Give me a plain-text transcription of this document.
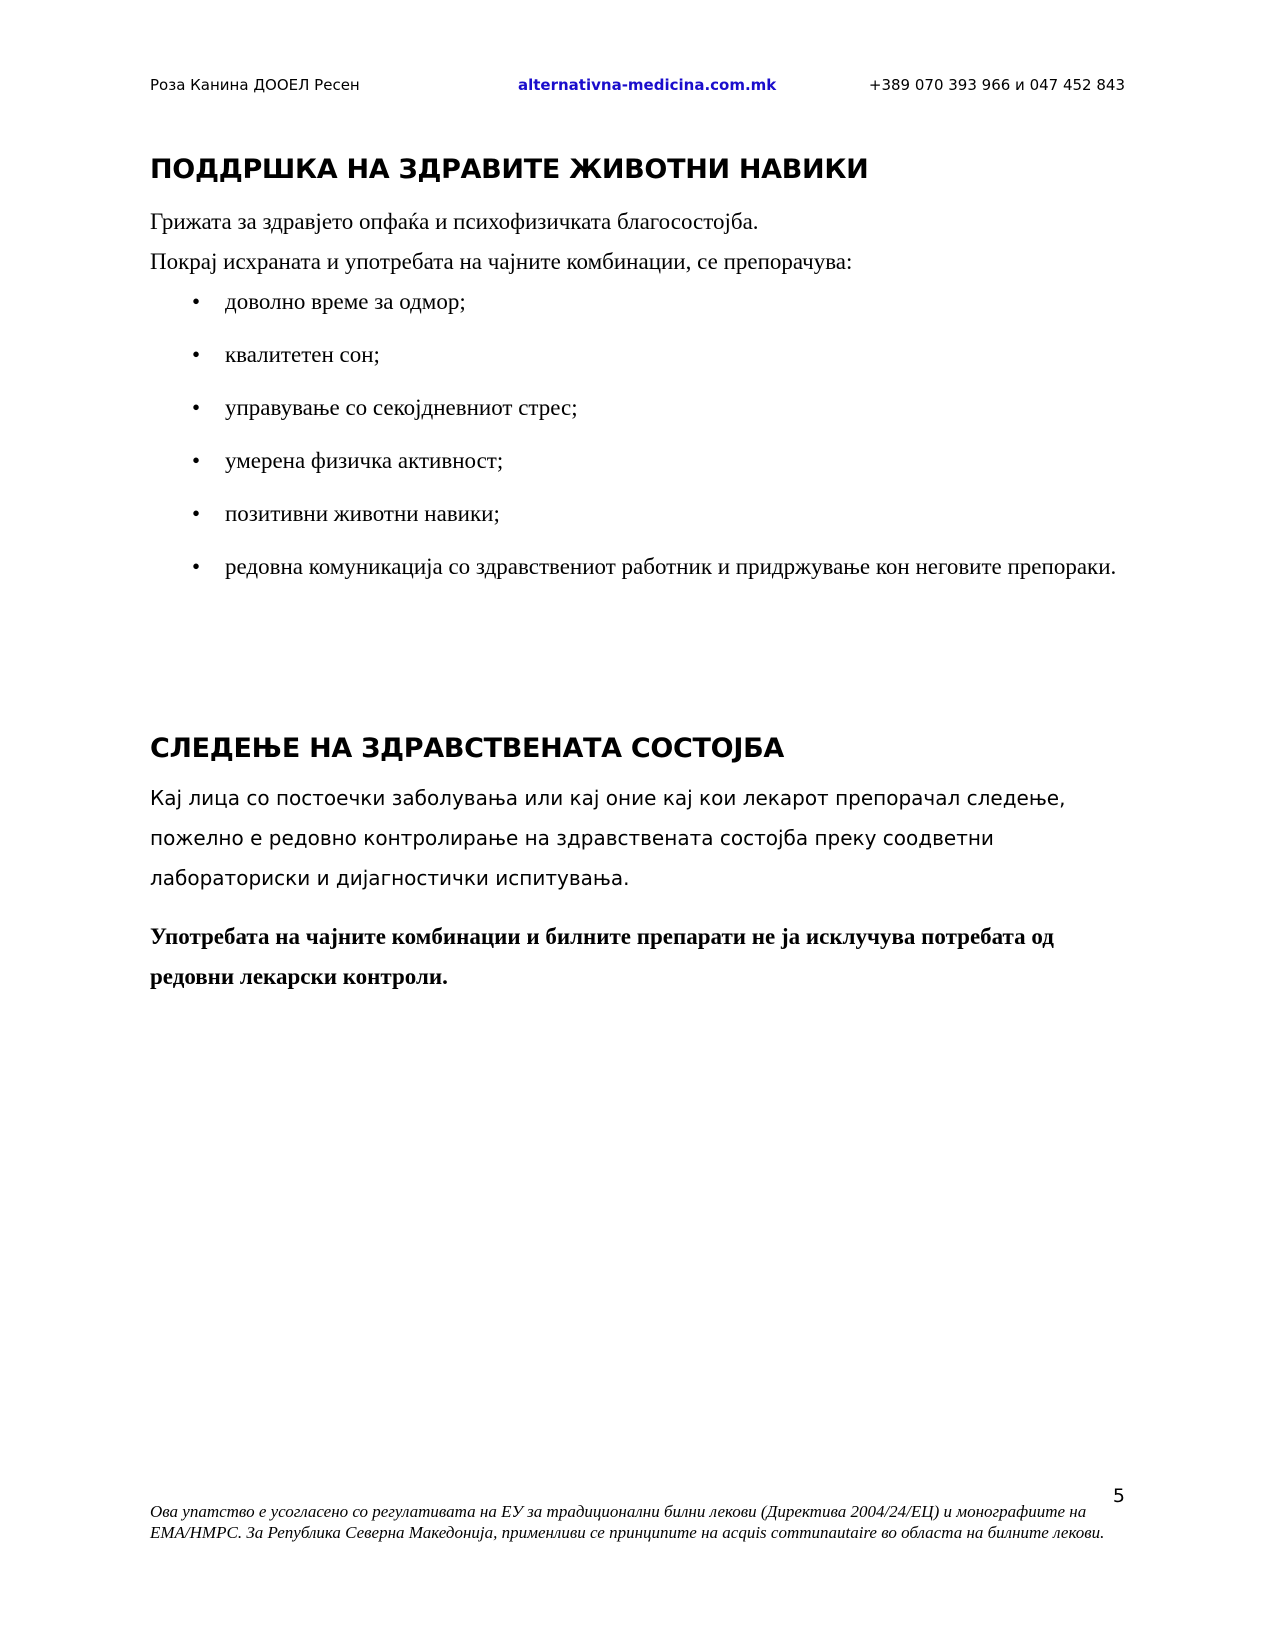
Роза Канина ДООЕЛ Ресен	alternativna-medicina.com.mk	+389 070 393 966 и 047 452 843
ПОДДРШКА НА ЗДРАВИТЕ ЖИВОТНИ НАВИКИ

Грижата за здравјето опфаќа и психофизичката благосостојба.

Покрај исхраната и употребата на чајните комбинации, се препорачува:

• доволно време за одмор;
• квалитетен сон;
• управување со секојдневниот стрес;
• умерена физичка активност;
• позитивни животни навики;
• редовна комуникација со здравствениот работник и придржување кон неговите препораки.
СЛЕДЕЊЕ НА ЗДРАВСТВЕНАТА СОСТОЈБА

Кај лица со постоечки заболувања или кај оние кај кои лекарот препорачал следење, пожелно е редовно контролирање на здравствената состојба преку соодветни лабораториски и дијагностички испитувања.

Употребата на чајните комбинации и билните препарати не ја исклучува потребата од редовни лекарски контроли.

5

Ова упатство е усогласено со регулативата на ЕУ за традиционални билни лекови (Директива 2004/24/ЕЦ) и монографиите на ЕМА/НМРС. За Република Северна Македонија, применливи се принципите на acquis communautaire во областа на билните лекови.
